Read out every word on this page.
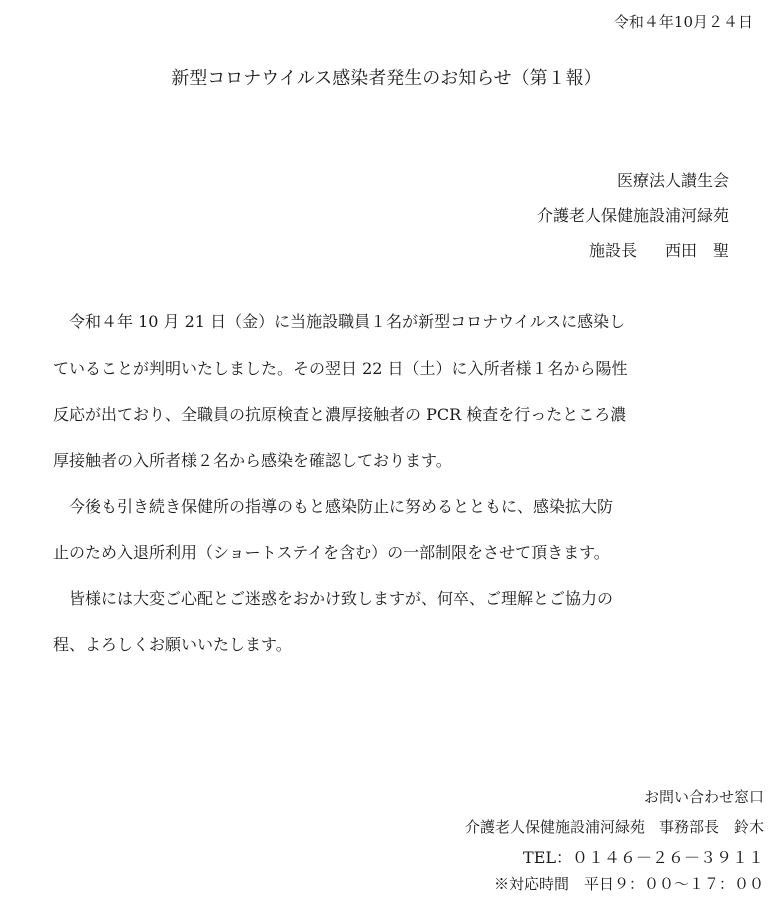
令和４年10月２４日
新型コロナウイルス感染者発生のお知らせ（第１報）
医療法人讃生会
介護老人保健施設浦河緑苑
施設長 西田　聖
　令和４年 10 月 21 日（金）に当施設職員１名が新型コロナウイルスに感染し
ていることが判明いたしました。その翌日 22 日（土）に入所者様１名から陽性
反応が出ており、全職員の抗原検査と濃厚接触者の PCR 検査を行ったところ濃
厚接触者の入所者様２名から感染を確認しております。
　今後も引き続き保健所の指導のもと感染防止に努めるとともに、感染拡大防
止のため入退所利用（ショートステイを含む）の一部制限をさせて頂きます。
　皆様には大変ご心配とご迷惑をおかけ致しますが、何卒、ご理解とご協力の
程、よろしくお願いいたします。
お問い合わせ窓口
介護老人保健施設浦河緑苑 事務部長　鈴木
TEL：０１４６－２６－３９１１
※対応時間　平日９：００～１７：００
